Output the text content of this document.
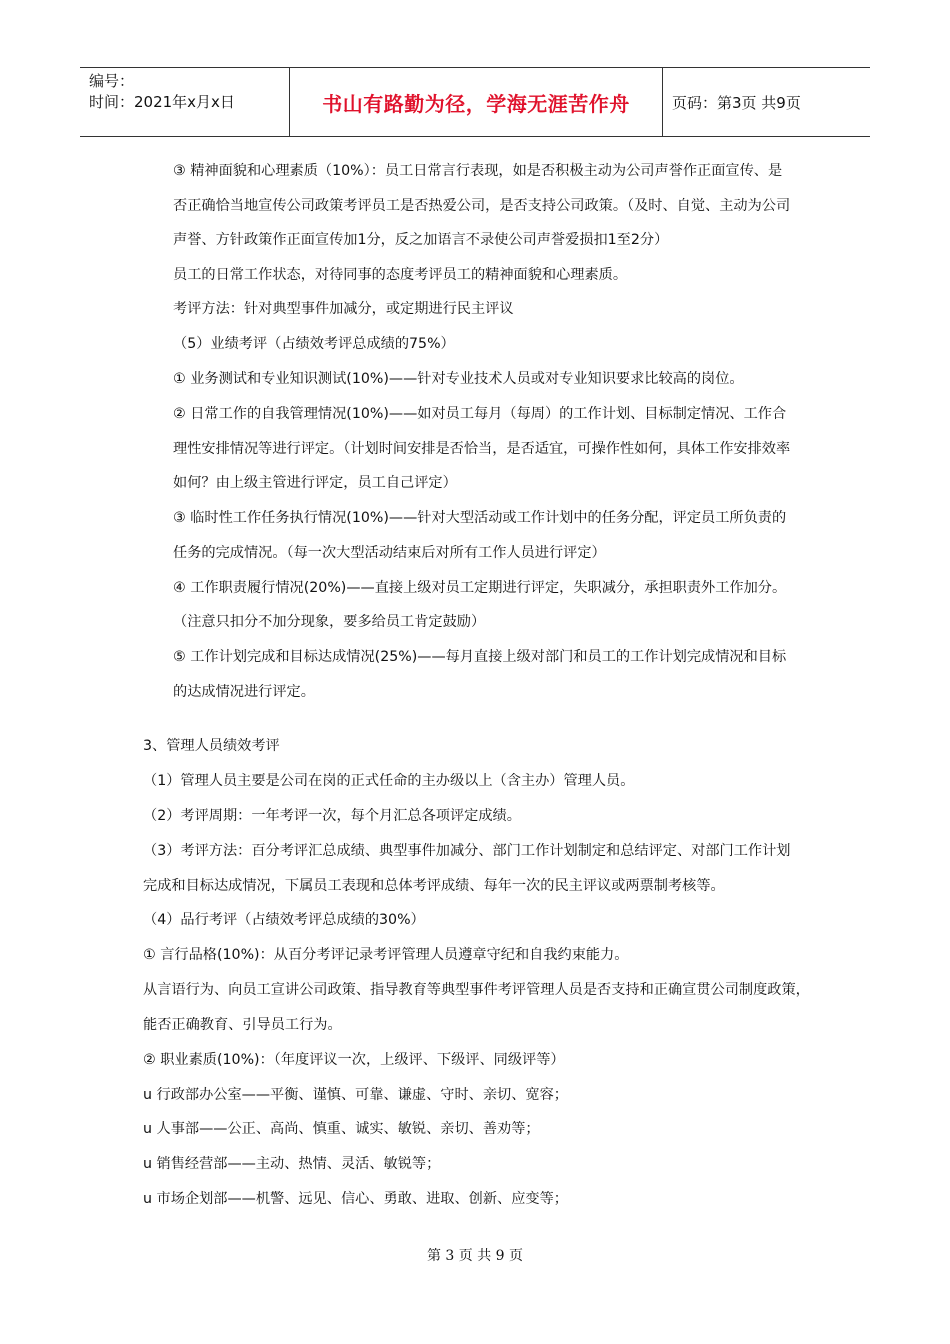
编号：
时间：2021年x月x日	书山有路勤为径，学海无涯苦作舟	页码：第3页 共9页
③ 精神面貌和心理素质（10%）：员工日常言行表现，如是否积极主动为公司声誉作正面宣传、是
否正确恰当地宣传公司政策考评员工是否热爱公司，是否支持公司政策。（及时、自觉、主动为公司
声誉、方针政策作正面宣传加1分，反之加语言不录使公司声誉爱损扣1至2分）
员工的日常工作状态，对待同事的态度考评员工的精神面貌和心理素质。
考评方法：针对典型事件加减分，或定期进行民主评议
（5）业绩考评（占绩效考评总成绩的75%）
① 业务测试和专业知识测试(10%)——针对专业技术人员或对专业知识要求比较高的岗位。
② 日常工作的自我管理情况(10%)——如对员工每月（每周）的工作计划、目标制定情况、工作合
理性安排情况等进行评定。（计划时间安排是否恰当，是否适宜，可操作性如何，具体工作安排效率
如何？由上级主管进行评定，员工自己评定）
③ 临时性工作任务执行情况(10%)——针对大型活动或工作计划中的任务分配，评定员工所负责的
任务的完成情况。（每一次大型活动结束后对所有工作人员进行评定）
④ 工作职责履行情况(20%)——直接上级对员工定期进行评定，失职减分，承担职责外工作加分。
（注意只扣分不加分现象，要多给员工肯定鼓励）
⑤ 工作计划完成和目标达成情况(25%)——每月直接上级对部门和员工的工作计划完成情况和目标
的达成情况进行评定。
3、管理人员绩效考评
（1）管理人员主要是公司在岗的正式任命的主办级以上（含主办）管理人员。
（2）考评周期：一年考评一次，每个月汇总各项评定成绩。
（3）考评方法：百分考评汇总成绩、典型事件加减分、部门工作计划制定和总结评定、对部门工作计划
完成和目标达成情况，下属员工表现和总体考评成绩、每年一次的民主评议或两票制考核等。
（4）品行考评（占绩效考评总成绩的30%）
① 言行品格(10%)：从百分考评记录考评管理人员遵章守纪和自我约束能力。
从言语行为、向员工宣讲公司政策、指导教育等典型事件考评管理人员是否支持和正确宣贯公司制度政策，
能否正确教育、引导员工行为。
② 职业素质(10%)：（年度评议一次，上级评、下级评、同级评等）
u 行政部办公室——平衡、谨慎、可靠、谦虚、守时、亲切、宽容；
u 人事部——公正、高尚、慎重、诚实、敏锐、亲切、善劝等；
u 销售经营部——主动、热情、灵活、敏锐等；
u 市场企划部——机警、远见、信心、勇敢、进取、创新、应变等；
第 3 页 共 9 页
